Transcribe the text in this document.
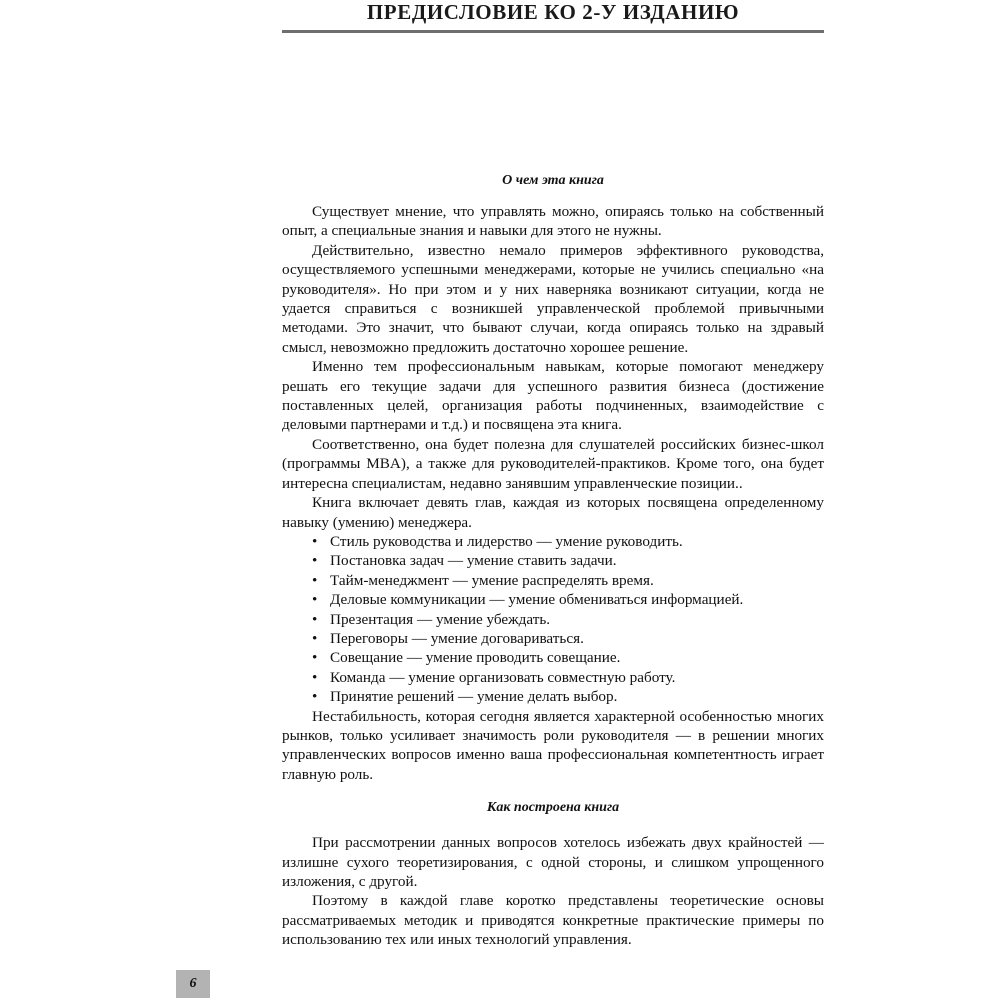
ПРЕДИСЛОВИЕ КО 2-У ИЗДАНИЮ
О чем эта книга

Существует мнение, что управлять можно, опираясь только на собственный опыт, а специальные знания и навыки для этого не нужны.

Действительно, известно немало примеров эффективного руководства, осуществляемого успешными менеджерами, которые не учились специально «на руководителя». Но при этом и у них наверняка возникают ситуации, когда не удается справиться с возникшей управленческой проблемой привычными методами. Это значит, что бывают случаи, когда опираясь только на здравый смысл, невозможно предложить достаточно хорошее решение.

Именно тем профессиональным навыкам, которые помогают менеджеру решать его текущие задачи для успешного развития бизнеса (достижение поставленных целей, организация работы подчиненных, взаимодействие с деловыми партнерами и т.д.) и посвящена эта книга.

Соответственно, она будет полезна для слушателей российских бизнес-школ (программы MBA), а также для руководителей-практиков. Кроме того, она будет интересна специалистам, недавно занявшим управленческие позиции..

Книга включает девять глав, каждая из которых посвящена определенному навыку (умению) менеджера.

• Стиль руководства и лидерство — умение руководить.
• Постановка задач — умение ставить задачи.
• Тайм-менеджмент — умение распределять время.
• Деловые коммуникации — умение обмениваться информацией.
• Презентация — умение убеждать.
• Переговоры — умение договариваться.
• Совещание — умение проводить совещание.
• Команда — умение организовать совместную работу.
• Принятие решений — умение делать выбор.

Нестабильность, которая сегодня является характерной особенностью многих рынков, только усиливает значимость роли руководителя — в решении многих управленческих вопросов именно ваша профессиональная компетентность играет главную роль.

Как построена книга

При рассмотрении данных вопросов хотелось избежать двух крайностей — излишне сухого теоретизирования, с одной стороны, и слишком упрощенного изложения, с другой.

Поэтому в каждой главе коротко представлены теоретические основы рассматриваемых методик и приводятся конкретные практические примеры по использованию тех или иных технологий управления.

6
